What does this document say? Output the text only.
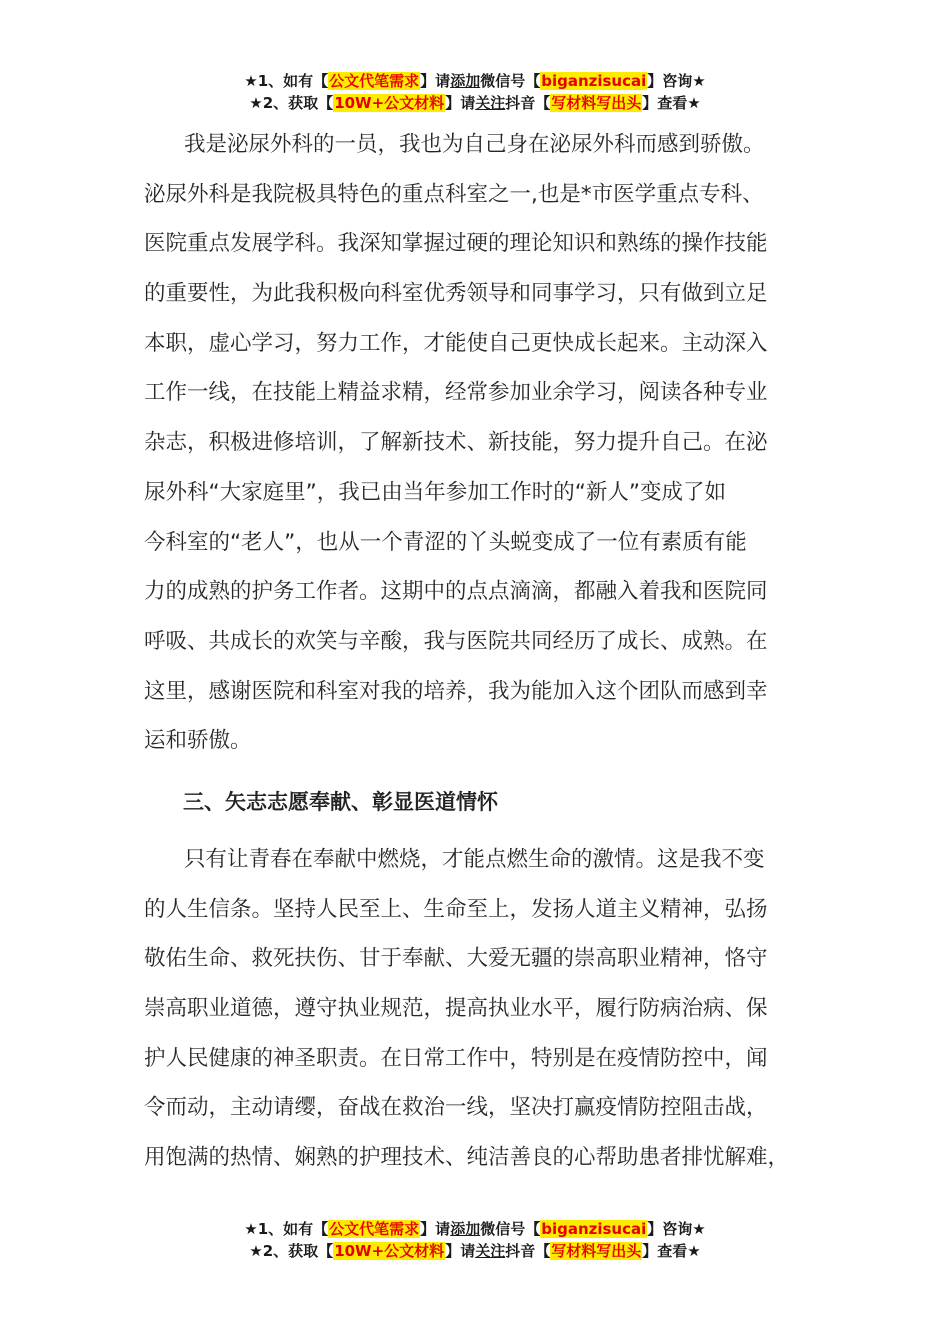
★1、如有【公文代笔需求】请添加微信号【biganzisucai】咨询★
★2、获取【10W+公文材料】请关注抖音【写材料写出头】查看★
我是泌尿外科的一员，我也为自己身在泌尿外科而感到骄傲。
泌尿外科是我院极具特色的重点科室之一,也是*市医学重点专科、
医院重点发展学科。我深知掌握过硬的理论知识和熟练的操作技能
的重要性，为此我积极向科室优秀领导和同事学习，只有做到立足
本职，虚心学习，努力工作，才能使自己更快成长起来。主动深入
工作一线，在技能上精益求精，经常参加业余学习，阅读各种专业
杂志，积极进修培训，了解新技术、新技能，努力提升自己。在泌
尿外科“大家庭里”，我已由当年参加工作时的“新人”变成了如
今科室的“老人”，也从一个青涩的丫头蜕变成了一位有素质有能
力的成熟的护务工作者。这期中的点点滴滴，都融入着我和医院同
呼吸、共成长的欢笑与辛酸，我与医院共同经历了成长、成熟。在
这里，感谢医院和科室对我的培养，我为能加入这个团队而感到幸
运和骄傲。
三、矢志志愿奉献、彰显医道情怀
只有让青春在奉献中燃烧，才能点燃生命的激情。这是我不变
的人生信条。坚持人民至上、生命至上，发扬人道主义精神，弘扬
敬佑生命、救死扶伤、甘于奉献、大爱无疆的崇高职业精神，恪守
崇高职业道德，遵守执业规范，提高执业水平，履行防病治病、保
护人民健康的神圣职责。在日常工作中，特别是在疫情防控中，闻
令而动，主动请缨，奋战在救治一线，坚决打赢疫情防控阻击战，
用饱满的热情、娴熟的护理技术、纯洁善良的心帮助患者排忧解难，
★1、如有【公文代笔需求】请添加微信号【biganzisucai】咨询★
★2、获取【10W+公文材料】请关注抖音【写材料写出头】查看★
